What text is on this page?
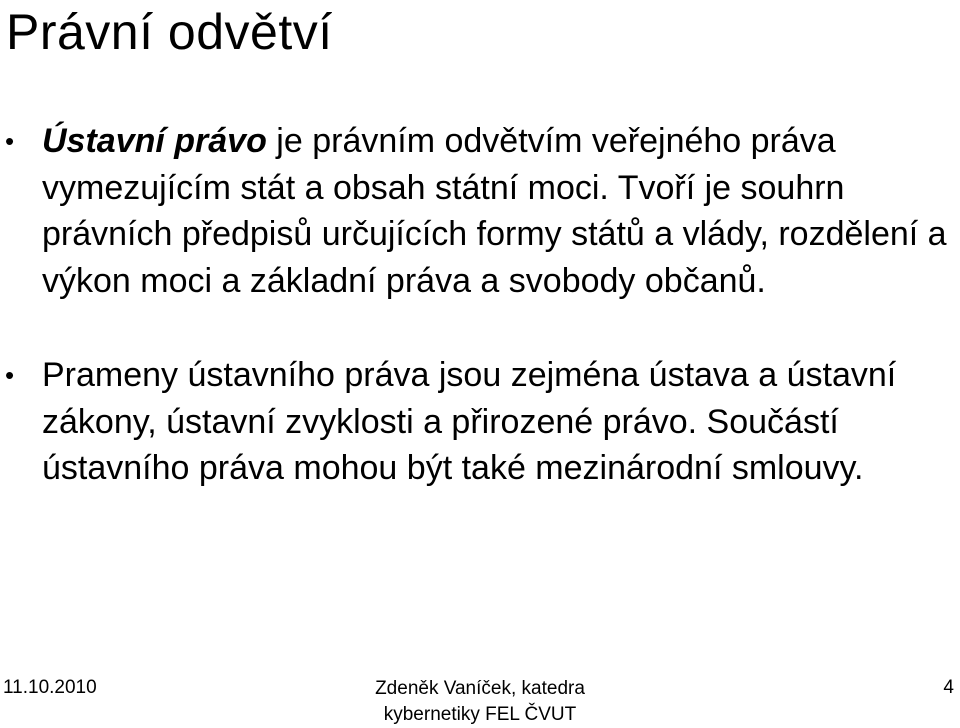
Právní odvětví
• Ústavní právo je právním odvětvím veřejného práva vymezujícím stát a obsah státní moci. Tvoří je souhrn právních předpisů určujících formy států a vlády, rozdělení a výkon moci a základní práva a svobody občanů.
• Prameny ústavního práva jsou zejména ústava a ústavní zákony, ústavní zvyklosti a přirozené právo. Součástí ústavního práva mohou být také mezinárodní smlouvy.
11.10.2010	Zdeněk Vaníček, katedra
kybernetiky FEL ČVUT
4
